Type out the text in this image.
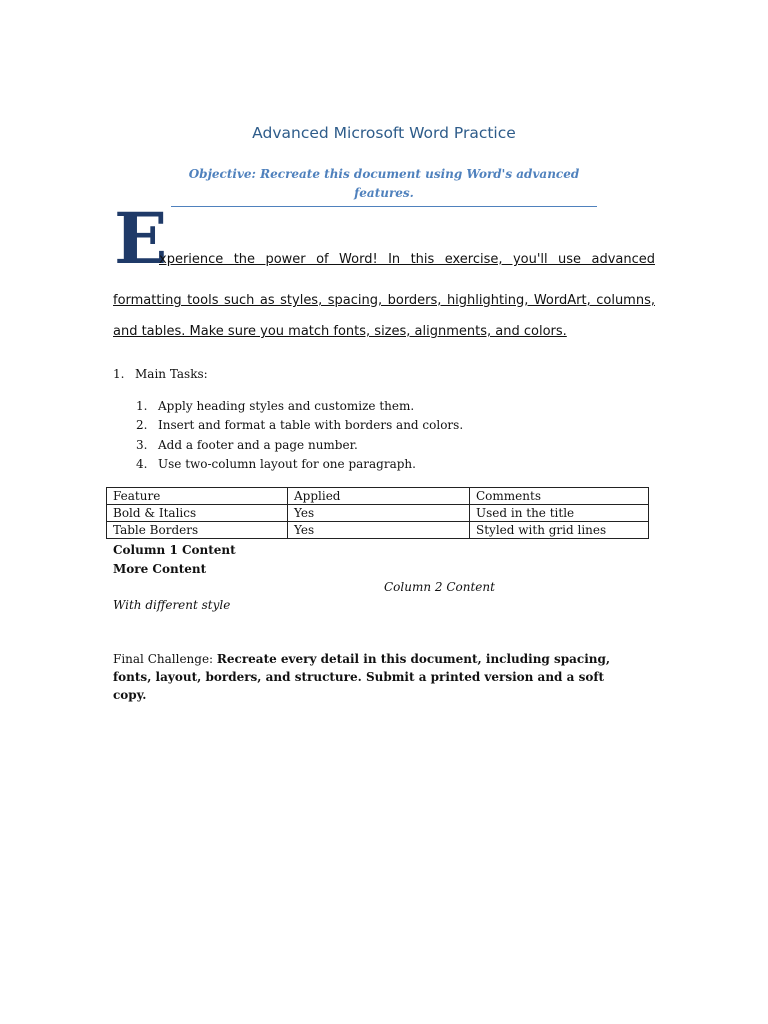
Advanced Microsoft Word Practice
Objective: Recreate this document using Word's advanced features.
E
xperience the power of Word! In this exercise, you'll use advanced
formatting tools such as styles, spacing, borders, highlighting, WordArt, columns,
and tables. Make sure you match fonts, sizes, alignments, and colors.
1. Main Tasks:
1. Apply heading styles and customize them.
2. Insert and format a table with borders and colors.
3. Add a footer and a page number.
4. Use two-column layout for one paragraph.
Feature	Applied	Comments
Bold & Italics	Yes	Used in the title
Table Borders	Yes	Styled with grid lines
Column 1 Content
More Content
Column 2 Content
With different style
Final Challenge: Recreate every detail in this document, including spacing, fonts, layout, borders, and structure. Submit a printed version and a soft copy.
